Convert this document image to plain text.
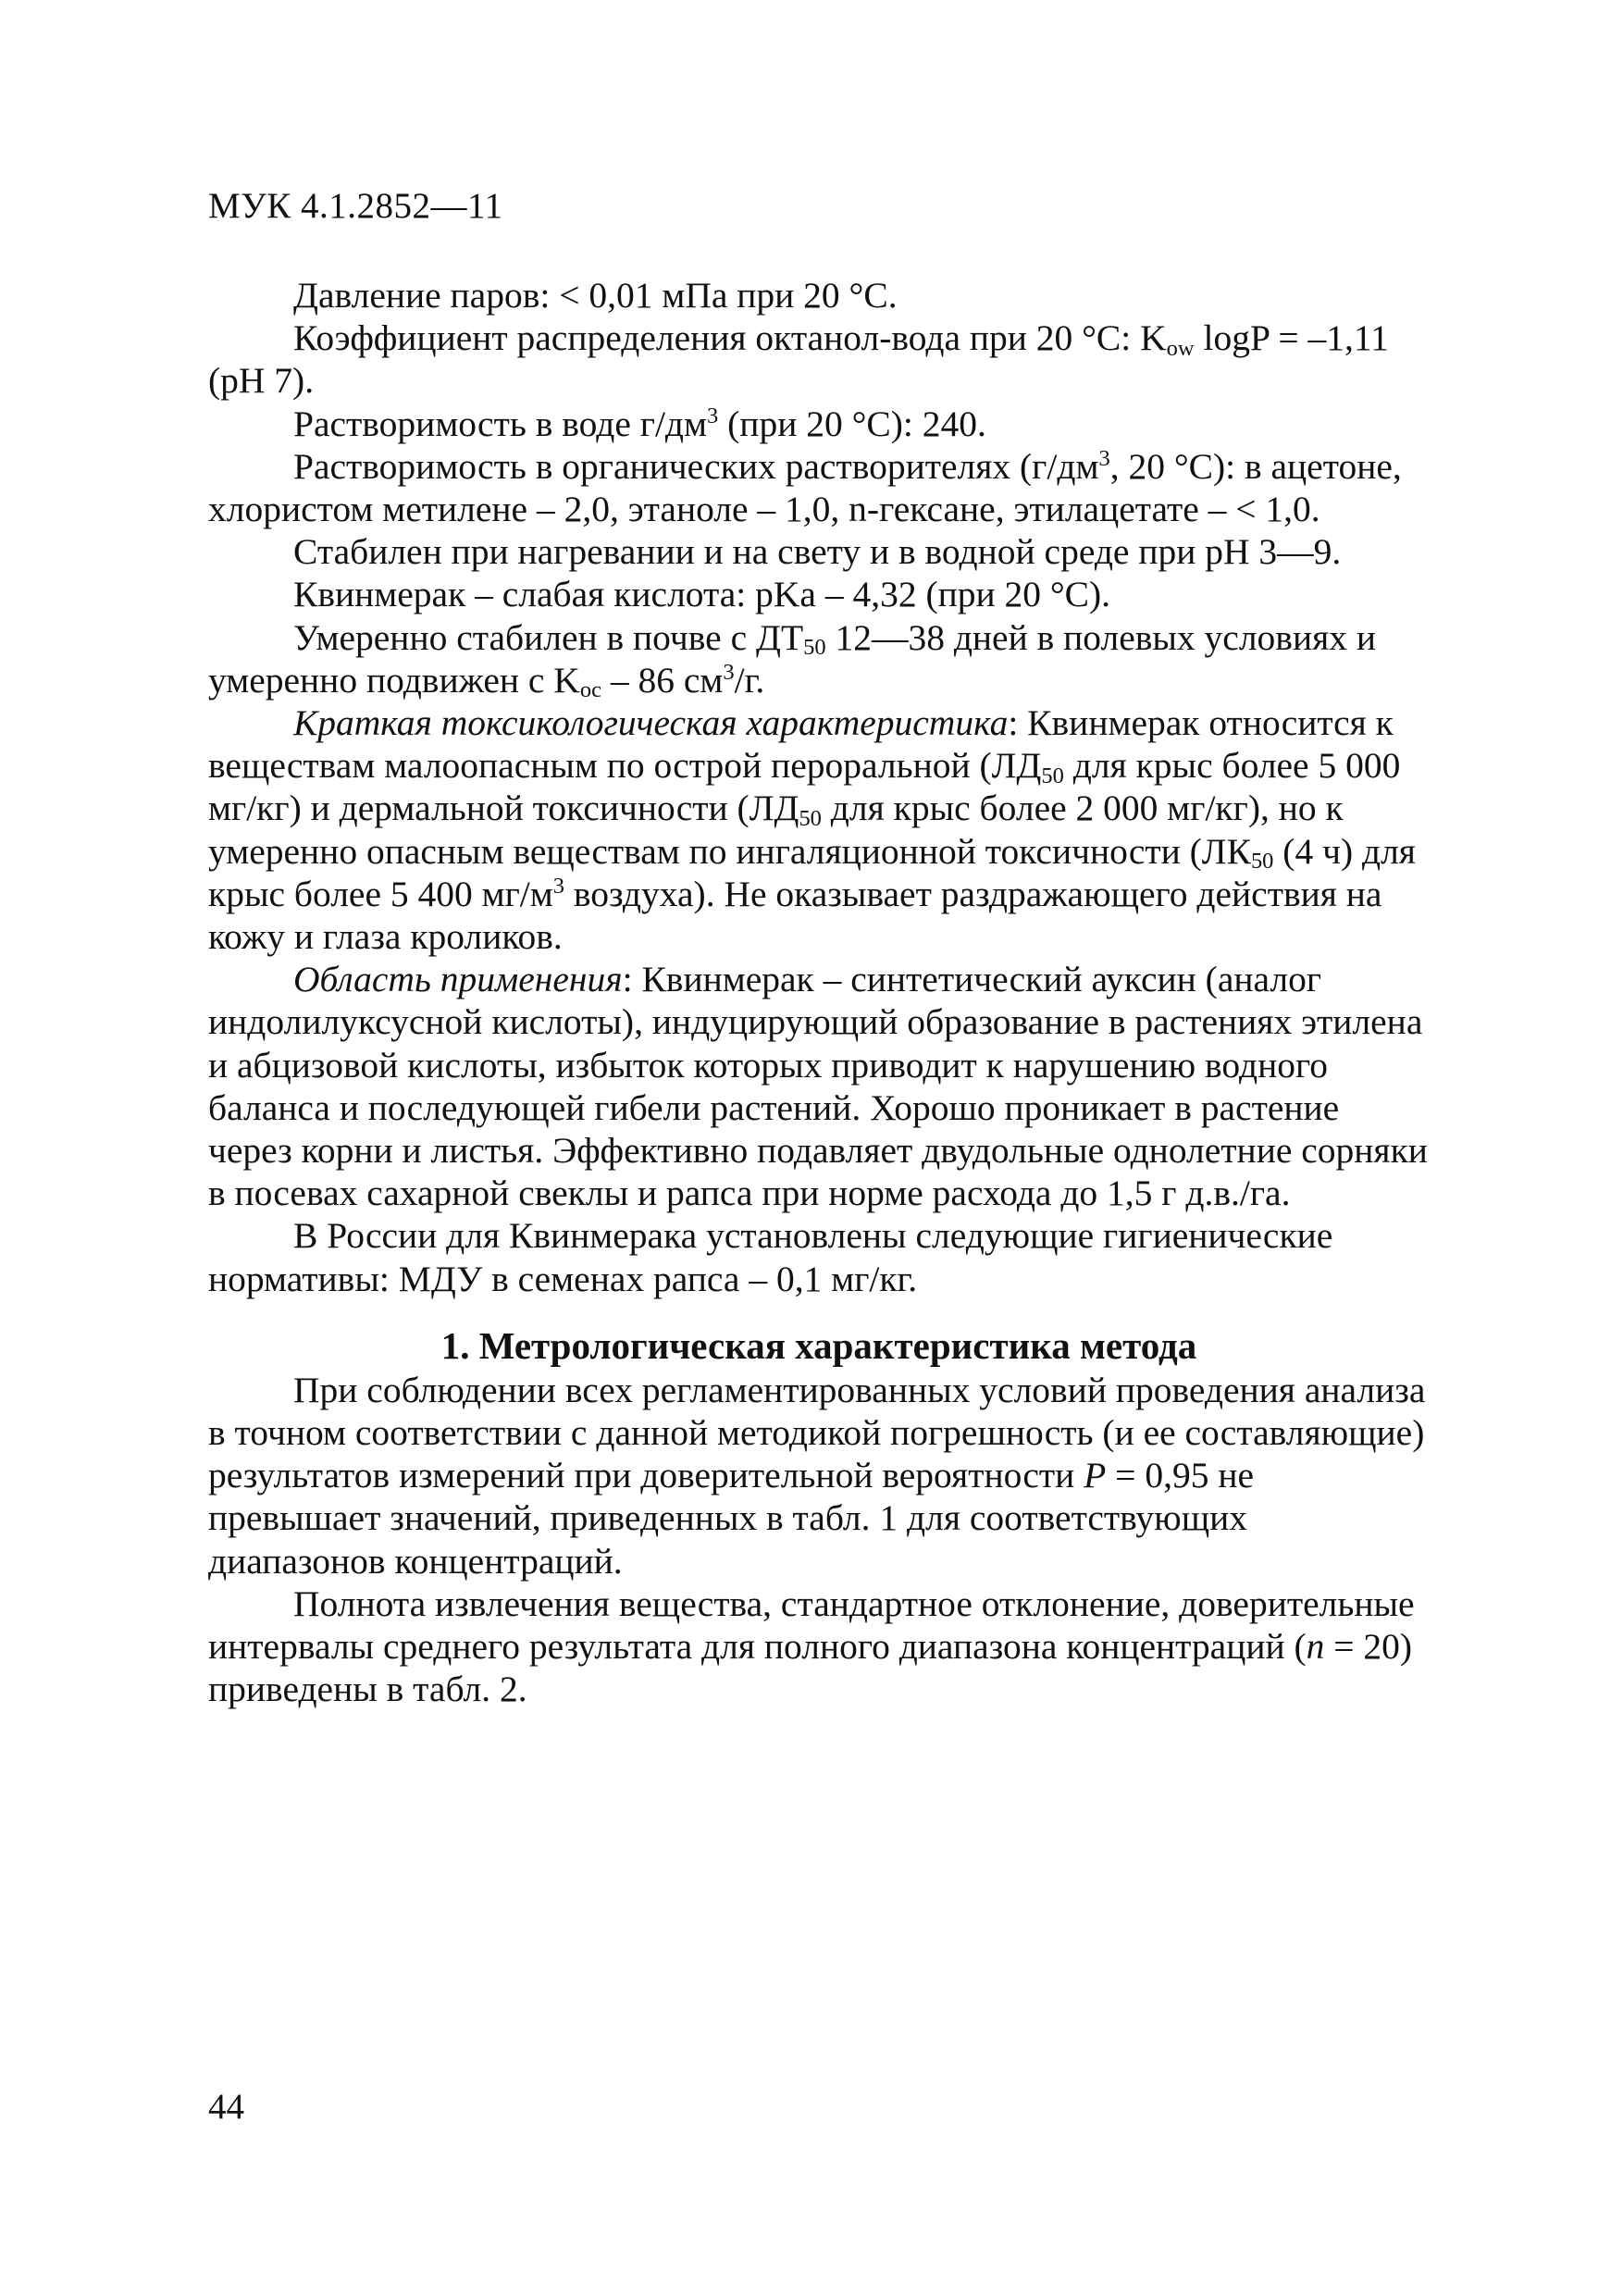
МУК 4.1.2852—11

Давление паров: < 0,01 мПа при 20 °С.

Коэффициент распределения октанол-вода при 20 °С: $K_{ow}$ logP = –1,11 (pH 7).

Растворимость в воде $г/дм^3$ (при 20 °С): 240.

Растворимость в органических растворителях ($г/дм^3$, 20 °С): в ацетоне, хлористом метилене – 2,0, этаноле – 1,0, n-гексане, этилацетате – < 1,0.

Стабилен при нагревании и на свету и в водной среде при pH 3—9.

Квинмерак – слабая кислота: pKa – 4,32 (при 20 °С).

Умеренно стабилен в почве с $ДТ_{50}$ 12—38 дней в полевых условиях и умеренно подвижен с $K_{oc} - 86$ $см^3/г$.

Краткая токсикологическая характеристика: Квинмерак относится к веществам малоопасным по острой пероральной ($ЛД_{50}$ для крыс более 5 000 мг/кг) и дермальной токсичности ($ЛД_{50}$ для крыс более 2 000 мг/кг), но к умеренно опасным веществам по ингаляционной токсичности ($ЛК_{50}$ (4 ч) для крыс более 5 400 $мг/м^3$ воздуха). Не оказывает раздражающего действия на кожу и глаза кроликов.

Область применения: Квинмерак – синтетический ауксин (аналог индолилуксусной кислоты), индуцирующий образование в растениях этилена и абцизовой кислоты, избыток которых приводит к нарушению водного баланса и последующей гибели растений. Хорошо проникает в растение через корни и листья. Эффективно подавляет двудольные однолетние сорняки в посевах сахарной свеклы и рапса при норме расхода до 1,5 г д.в./га.

В России для Квинмерака установлены следующие гигиенические нормативы: МДУ в семенах рапса – 0,1 мг/кг.

1. Метрологическая характеристика метода

При соблюдении всех регламентированных условий проведения анализа в точном соответствии с данной методикой погрешность (и ее составляющие) результатов измерений при доверительной вероятности P = 0,95 не превышает значений, приведенных в табл. 1 для соответствующих диапазонов концентраций.

Полнота извлечения вещества, стандартное отклонение, доверительные интервалы среднего результата для полного диапазона концентраций (n = 20) приведены в табл. 2.

44
